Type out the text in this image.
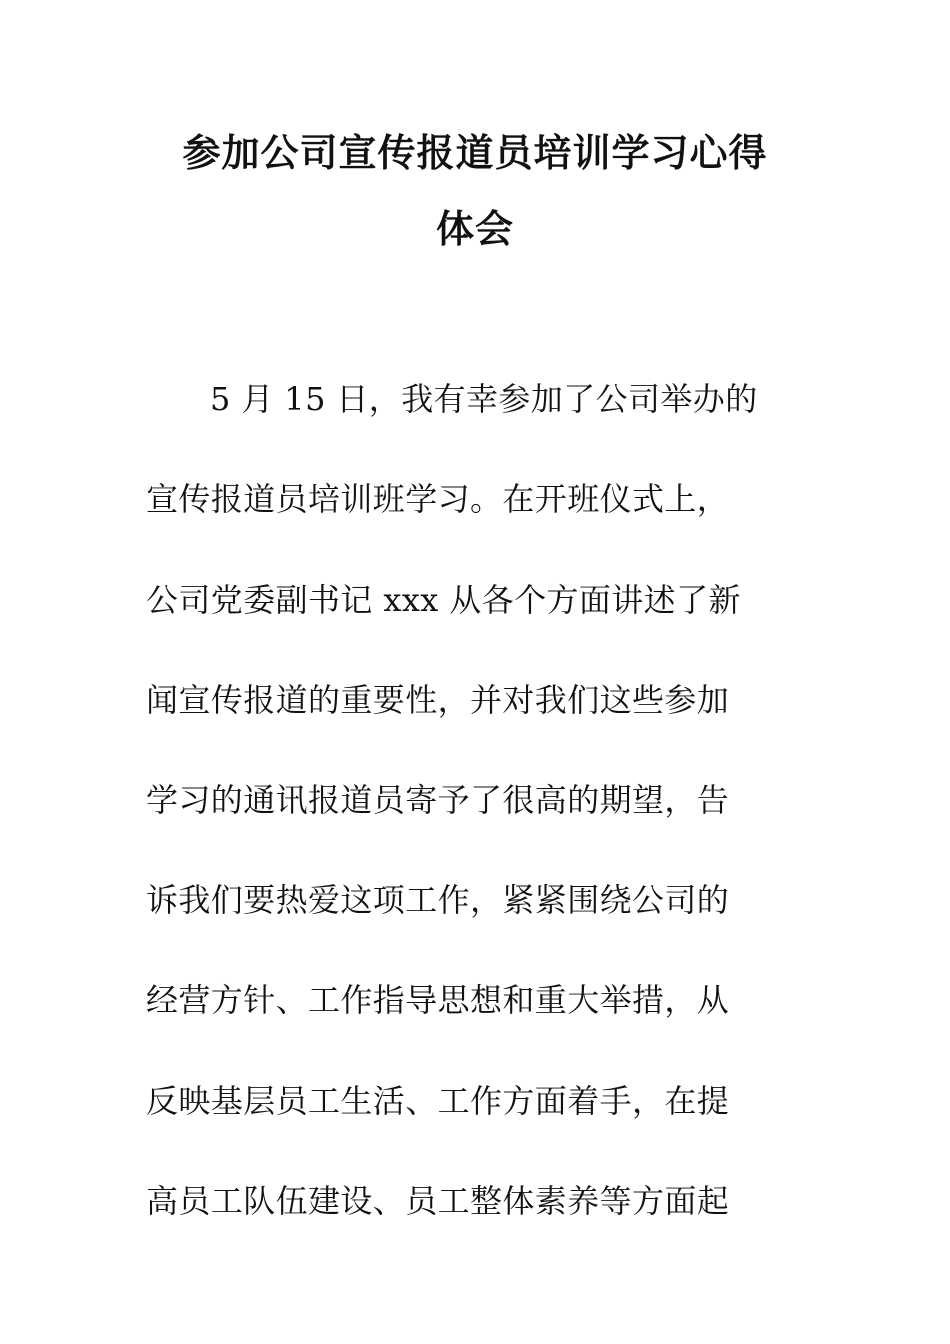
参加公司宣传报道员培训学习心得
体会
5 月 15 日，我有幸参加了公司举办的
宣传报道员培训班学习。在开班仪式上，
公司党委副书记 xxx 从各个方面讲述了新
闻宣传报道的重要性，并对我们这些参加
学习的通讯报道员寄予了很高的期望，告
诉我们要热爱这项工作，紧紧围绕公司的
经营方针、工作指导思想和重大举措，从
反映基层员工生活、工作方面着手，在提
高员工队伍建设、员工整体素养等方面起
